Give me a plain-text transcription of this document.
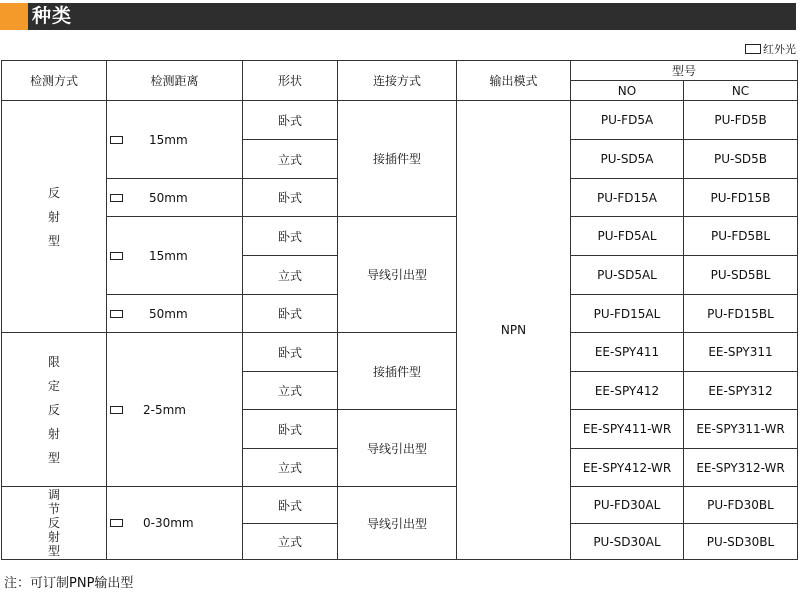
种类
红外光
检测方式	检测距离	形状	连接方式	输出模式	型号	
					NO	NC
反射型	15mm	卧式	接插件型	NPN	PU-FD5A	PU-FD5B
		立式			PU-SD5A	PU-SD5B

	50mm	卧式			PU-FD15A	PU-FD15B

	15mm	卧式	导线引出型		PU-FD5AL	PU-FD5BL
		立式			PU-SD5AL	PU-SD5BL

	50mm	卧式			PU-FD15AL	PU-FD15BL
限定反射型	2-5mm	卧式	接插件型		EE-SPY411	EE-SPY311
		立式			EE-SPY412	EE-SPY312
		卧式	导线引出型		EE-SPY411-WR	EE-SPY311-WR
		立式			EE-SPY412-WR	EE-SPY312-WR
调节反射型	0-30mm	卧式	导线引出型		PU-FD30AL	PU-FD30BL
		立式			PU-SD30AL	PU-SD30BL
注：可订制PNP输出型
